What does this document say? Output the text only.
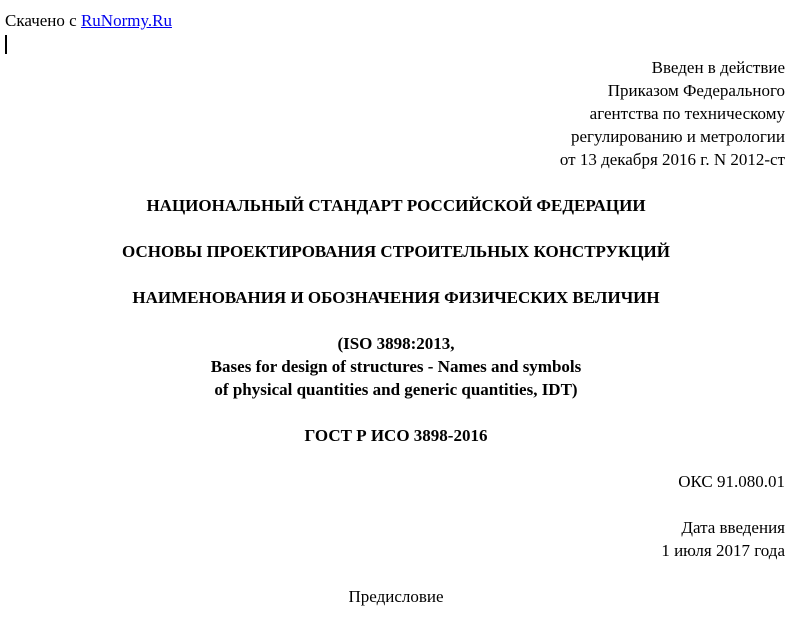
Скачено с RuNormy.Ru
Введен в действие
Приказом Федерального
агентства по техническому
регулированию и метрологии
от 13 декабря 2016 г. N 2012-ст
НАЦИОНАЛЬНЫЙ СТАНДАРТ РОССИЙСКОЙ ФЕДЕРАЦИИ
ОСНОВЫ ПРОЕКТИРОВАНИЯ СТРОИТЕЛЬНЫХ КОНСТРУКЦИЙ
НАИМЕНОВАНИЯ И ОБОЗНАЧЕНИЯ ФИЗИЧЕСКИХ ВЕЛИЧИН
(ISO 3898:2013,
Bases for design of structures - Names and symbols
of physical quantities and generic quantities, IDT)
ГОСТ Р ИСО 3898-2016
ОКС 91.080.01
Дата введения
1 июля 2017 года
Предисловие
